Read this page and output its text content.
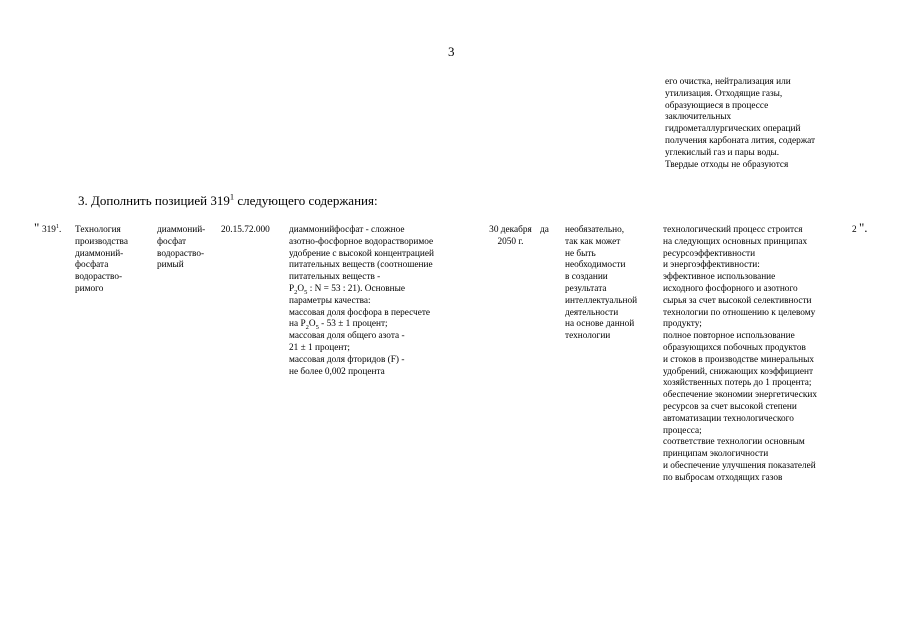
3
его очистка, нейтрализация или
утилизация. Отходящие газы,
образующиеся в процессе
заключительных
гидрометаллургических операций
получения карбоната лития, содержат
углекислый газ и пары воды.
Твердые отходы не образуются
3. Дополнить позицией $319^1$ следующего содержания:
" $319^1$. Технология
производства
диаммоний-
фосфата
водораство-
римого
диаммоний-
фосфат
водораство-
римый
20.15.72.000	диаммонийфосфат - сложное
азотно-фосфорное водорастворимое
удобрение с высокой концентрацией
питательных веществ (соотношение
питательных веществ -
$P_2O_5$ : N = 53 : 21). Основные
параметры качества:
массовая доля фосфора в пересчете
на $P_2O_5 - 53 \pm 1$ процент;
массовая доля общего азота -
21 ± 1 процент;
массовая доля фторидов (F) -
не более 0,002 процента
30 декабря
2050 г.
да	необязательно,
так как может
не быть
необходимости
в создании
результата
интеллектуальной
деятельности
на основе данной
технологии
технологический процесс строится
на следующих основных принципах
ресурсоэффективности
и энергоэффективности:
эффективное использование
исходного фосфорного и азотного
сырья за счет высокой селективности
технологии по отношению к целевому
продукту;
полное повторное использование
образующихся побочных продуктов
и стоков в производстве минеральных
удобрений, снижающих коэффициент
хозяйственных потерь до 1 процента;
обеспечение экономии энергетических
ресурсов за счет высокой степени
автоматизации технологического
процесса;
соответствие технологии основным
принципам экологичности
и обеспечение улучшения показателей
по выбросам отходящих газов
2 ".
